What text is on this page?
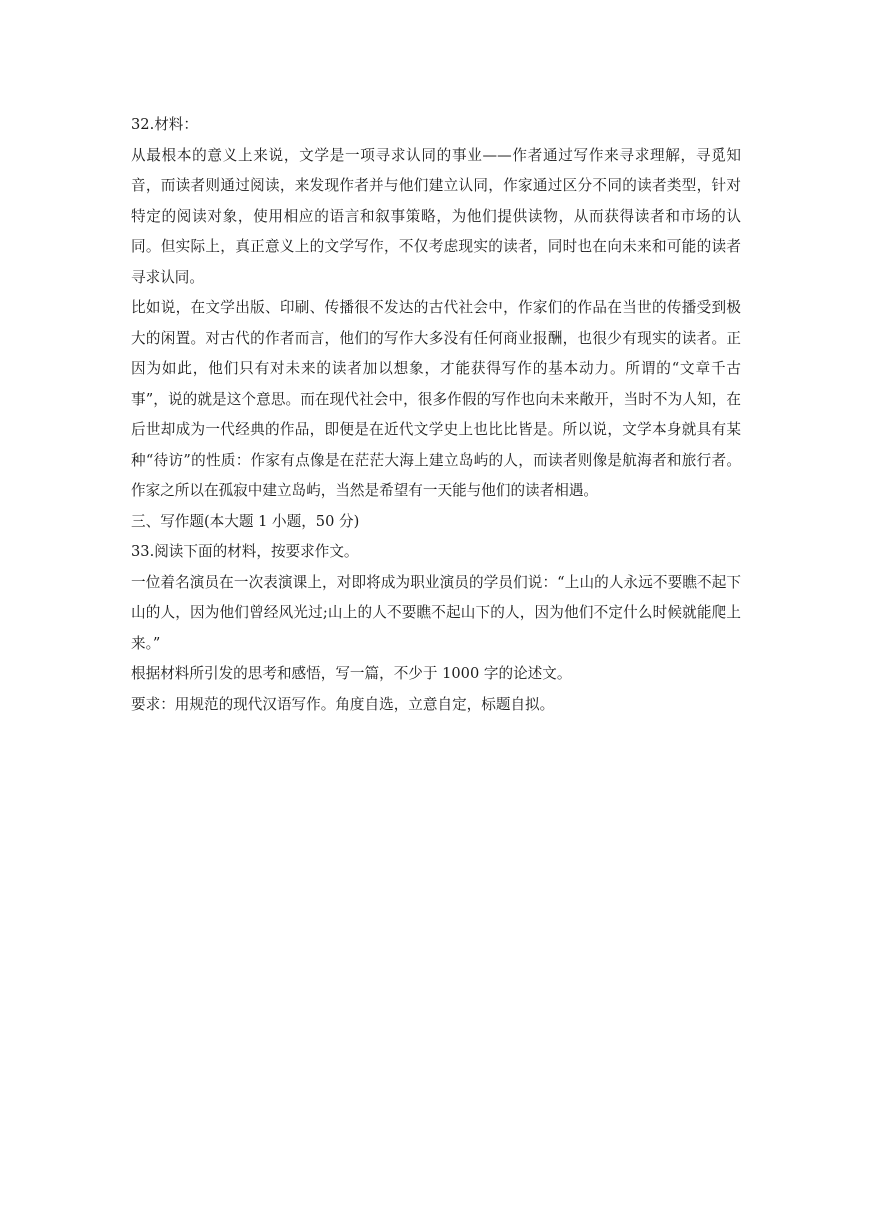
32.材料：

从最根本的意义上来说，文学是一项寻求认同的事业——作者通过写作来寻求理解，寻觅知音，而读者则通过阅读，来发现作者并与他们建立认同，作家通过区分不同的读者类型，针对特定的阅读对象，使用相应的语言和叙事策略，为他们提供读物，从而获得读者和市场的认同。但实际上，真正意义上的文学写作，不仅考虑现实的读者，同时也在向未来和可能的读者寻求认同。

比如说，在文学出版、印刷、传播很不发达的古代社会中，作家们的作品在当世的传播受到极大的闲置。对古代的作者而言，他们的写作大多没有任何商业报酬，也很少有现实的读者。正因为如此，他们只有对未来的读者加以想象，才能获得写作的基本动力。所谓的“文章千古事”，说的就是这个意思。而在现代社会中，很多作假的写作也向未来敞开，当时不为人知，在后世却成为一代经典的作品，即便是在近代文学史上也比比皆是。所以说，文学本身就具有某种“待访”的性质：作家有点像是在茫茫大海上建立岛屿的人，而读者则像是航海者和旅行者。作家之所以在孤寂中建立岛屿，当然是希望有一天能与他们的读者相遇。

三、写作题(本大题 1 小题，50 分)

33.阅读下面的材料，按要求作文。

一位着名演员在一次表演课上，对即将成为职业演员的学员们说：“上山的人永远不要瞧不起下山的人，因为他们曾经风光过;山上的人不要瞧不起山下的人，因为他们不定什么时候就能爬上来。”

根据材料所引发的思考和感悟，写一篇，不少于 1000 字的论述文。

要求：用规范的现代汉语写作。角度自选，立意自定，标题自拟。
